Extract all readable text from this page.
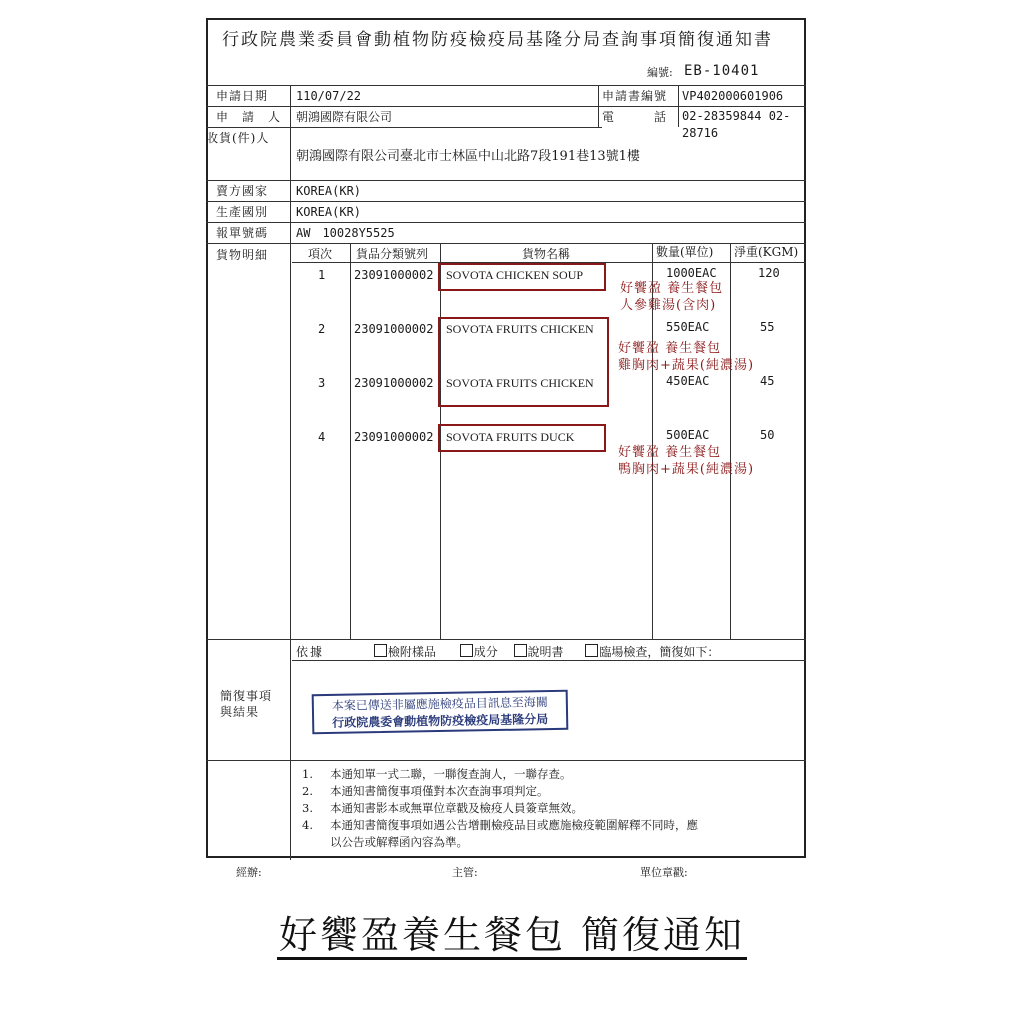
行政院農業委員會動植物防疫檢疫局基隆分局查詢事項簡復通知書
編號: EB-10401
申請日期 110/07/22	申請書編號 VP402000601906
申　請　人 朝鴻國際有限公司	電　　　話 02-28359844 02-
28716
收貨(件)人
朝鴻國際有限公司臺北市士林區中山北路7段191巷13號1樓
賣方國家 KOREA(KR)
生產國別 KOREA(KR)
報單號碼 AW　10028Y5525
貨物明細	項次 貨品分類號列	貨物名稱	數量(單位) 淨重(KGM)
1 23091000002 SOVOTA CHICKEN SOUP	1000EAC	120
2 23091000002 SOVOTA FRUITS CHICKEN	550EAC	55
3 23091000002 SOVOTA FRUITS CHICKEN	450EAC	45
4 23091000002 SOVOTA FRUITS DUCK	500EAC	50
好饗盈 養生餐包
人參雞湯(含肉)
好饗盈 養生餐包
雞胸肉+蔬果(純濃湯)
好饗盈 養生餐包
鴨胸肉+蔬果(純濃湯)
簡復事項
與結果
依據	檢附樣品	成分 說明書	臨場檢查，簡復如下：
本案已傳送非屬應施檢疫品目訊息至海關
行政院農委會動植物防疫檢疫局基隆分局
1. 本通知單一式二聯，一聯復查詢人，一聯存查。
2. 本通知書簡復事項僅對本次查詢事項判定。
3. 本通知書影本或無單位章戳及檢疫人員簽章無效。
4. 本通知書簡復事項如遇公告增刪檢疫品目或應施檢疫範圍解釋不同時，應
以公告或解釋函內容為準。
經辦:	主管:	單位章戳:
好饗盈養生餐包 簡復通知
